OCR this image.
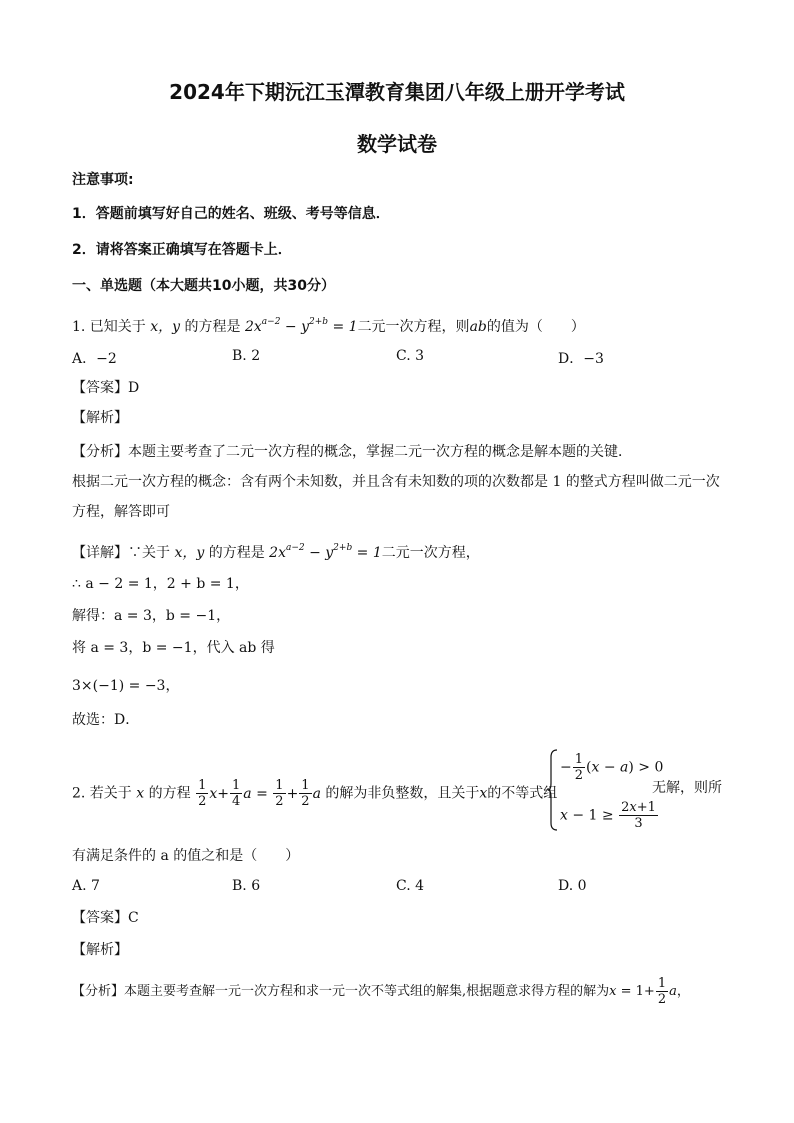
2024年下期沅江玉潭教育集团八年级上册开学考试
数学试卷
注意事项:
1．答题前填写好自己的姓名、班级、考号等信息．
2．请将答案正确填写在答题卡上．
一、单选题（本大题共10小题，共30分）
1. 已知关于 x，y 的方程是 $2x^{a-2} - y^{2+b} = 1$二元一次方程，则ab的值为（　　）
A．−2	B. 2	C. 3	D．−3
【答案】D
【解析】
【分析】本题主要考查了二元一次方程的概念，掌握二元一次方程的概念是解本题的关键．
根据二元一次方程的概念：含有两个未知数，并且含有未知数的项的次数都是 1 的整式方程叫做二元一次
方程，解答即可
【详解】∵关于 x，y 的方程是 $2x^{a-2} - y^{2+b} = 1$二元一次方程，
∴ a − 2 = 1，2 + b = 1，
解得：a = 3，b = −1，
将 a = 3，b = −1，代入 ab 得
3×(−1) = −3，
故选：D．
2. 若关于 x 的方程 $\frac{1}{2} x+ \frac{1}{4}$ $a = \frac{1}{2} + \frac{1}{2}$ a 的解为非负整数，且关于x的不等式组
− $\frac{1}{2} (x - a) > 0$
$x - 1 \ge \frac{2x+1}{3}$
无解，则所
有满足条件的 a 的值之和是（　　）
A. 7	B. 6	C. 4	D. 0
【答案】C
【解析】
【分析】本题主要考查解一元一次方程和求一元一次不等式组的解集,根据题意求得方程的解为$x = 1+ \frac{1}{2}$ a，
